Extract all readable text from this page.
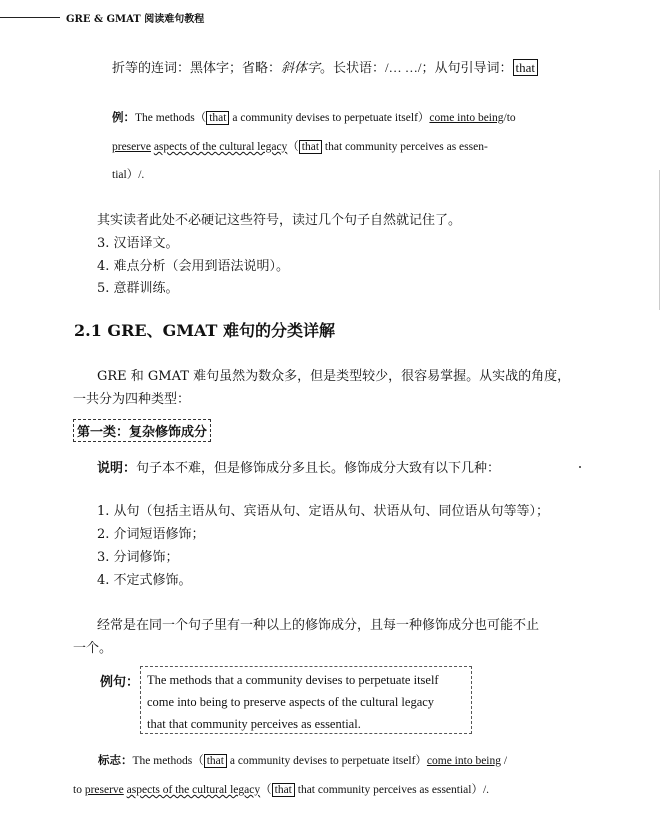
GRE & GMAT 阅读难句教程
折等的连词：黑体字；省略：斜体字。长状语：/… …/；从句引导词： that
例：The methods（ that a community devises to perpetuate itself）come into being/to
preserve aspects of the cultural legacy（ that that community perceives as essen-
tial）/.
其实读者此处不必硬记这些符号，读过几个句子自然就记住了。
3. 汉语译文。
4. 难点分析（会用到语法说明）。
5. 意群训练。
2.1 GRE、GMAT 难句的分类详解
GRE 和 GMAT 难句虽然为数众多，但是类型较少，很容易掌握。从实战的角度，
一共分为四种类型：
第一类：复杂修饰成分
说明：句子本不难，但是修饰成分多且长。修饰成分大致有以下几种：
1. 从句（包括主语从句、宾语从句、定语从句、状语从句、同位语从句等等）；
2. 介词短语修饰；
3. 分词修饰；
4. 不定式修饰。
经常是在同一个句子里有一种以上的修饰成分，且每一种修饰成分也可能不止
一个。
例句： The methods that a community devises to perpetuate itself
come into being to preserve aspects of the cultural legacy
that that community perceives as essential.
标志：The methods（ that a community devises to perpetuate itself）come into being /
to preserve aspects of the cultural legacy（ that that community perceives as essential）/.
